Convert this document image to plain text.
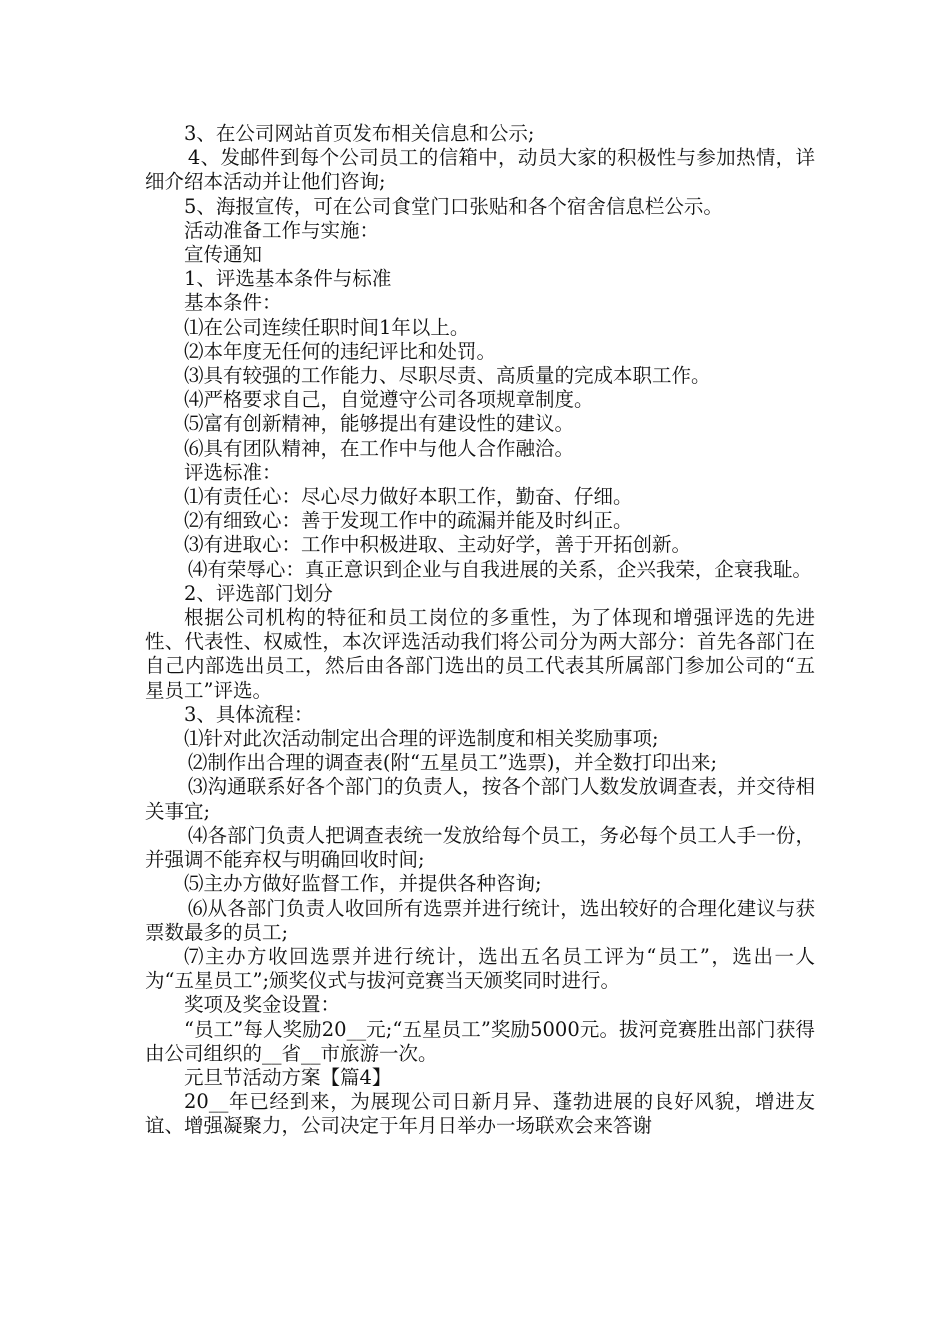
3、在公司网站首页发布相关信息和公示;

4、发邮件到每个公司员工的信箱中，动员大家的积极性与参加热情，详细介绍本活动并让他们咨询;

5、海报宣传，可在公司食堂门口张贴和各个宿舍信息栏公示。

活动准备工作与实施：

宣传通知

1、评选基本条件与标准

基本条件：

⑴在公司连续任职时间1年以上。

⑵本年度无任何的违纪评比和处罚。

⑶具有较强的工作能力、尽职尽责、高质量的完成本职工作。

⑷严格要求自己，自觉遵守公司各项规章制度。

⑸富有创新精神，能够提出有建设性的建议。

⑹具有团队精神，在工作中与他人合作融洽。

评选标准：

⑴有责任心：尽心尽力做好本职工作，勤奋、仔细。

⑵有细致心：善于发现工作中的疏漏并能及时纠正。

⑶有进取心：工作中积极进取、主动好学，善于开拓创新。

⑷有荣辱心：真正意识到企业与自我进展的关系，企兴我荣，企衰我耻。

2、评选部门划分

根据公司机构的特征和员工岗位的多重性，为了体现和增强评选的先进性、代表性、权威性，本次评选活动我们将公司分为两大部分：首先各部门在自己内部选出员工，然后由各部门选出的员工代表其所属部门参加公司的“五星员工”评选。

3、具体流程：

⑴针对此次活动制定出合理的评选制度和相关奖励事项;

⑵制作出合理的调查表(附“五星员工”选票)，并全数打印出来;

⑶沟通联系好各个部门的负责人，按各个部门人数发放调查表，并交待相关事宜;

⑷各部门负责人把调查表统一发放给每个员工，务必每个员工人手一份，并强调不能弃权与明确回收时间;

⑸主办方做好监督工作，并提供各种咨询;

⑹从各部门负责人收回所有选票并进行统计，选出较好的合理化建议与获票数最多的员工;

⑺主办方收回选票并进行统计，选出五名员工评为“员工”，选出一人为“五星员工”;颁奖仪式与拔河竞赛当天颁奖同时进行。

奖项及奖金设置：

“员工”每人奖励20__元;“五星员工”奖励5000元。拔河竞赛胜出部门获得由公司组织的__省__市旅游一次。

元旦节活动方案【篇4】

20__年已经到来，为展现公司日新月异、蓬勃进展的良好风貌，增进友谊、增强凝聚力，公司决定于年月日举办一场联欢会来答谢
